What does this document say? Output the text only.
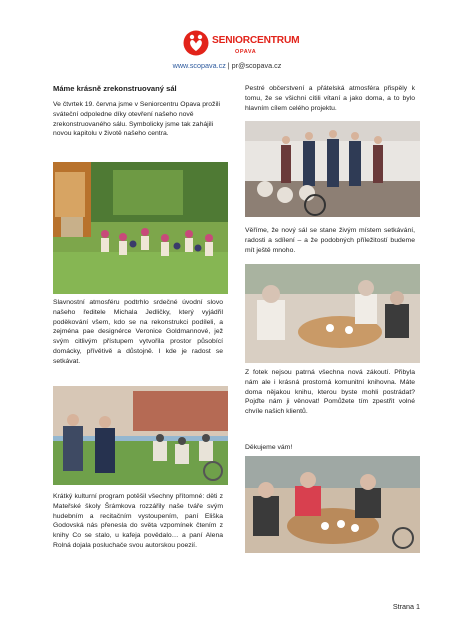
SENIORCENTRUM
OPAVA
www.scopava.cz | pr@scopava.cz

Máme krásně zrekonstruovaný sál

Ve čtvrtek 19. června jsme v Seniorcentru Opava prožili sváteční odpoledne díky otevření našeho nově zrekonstruovaného sálu. Symbolicky jsme tak zahájili novou kapitolu v životě našeho centra.

Slavnostní atmosféru podtrhlo srdečné úvodní slovo našeho ředitele Michala Jedličky, který vyjádřil poděkování všem, kdo se na rekonstrukci podíleli, a zejména pae designérce Veronice Goldmannové, jež svým citlivým přístupem vytvořila prostor působící domácky, přívětivě a důstojně. I kde je radost se setkávat.
Krátký kulturní program potěšil všechny přítomné: děti z Mateřské školy Šrámkova rozzářily naše tváře svým hudebním a recitačním vystoupením, paní Eliška Godovská nás přenesla do světa vzpomínek čtením z knihy Co se stalo, u kafeja povědalo… a paní Alena Rolná dojala posluchače svou autorskou poezií.
Pestré občerstvení a přátelská atmosféra přispěly k tomu, že se všichni cítili vítaní a jako doma, a to bylo hlavním cílem celého projektu.
Věříme, že nový sál se stane živým místem setkávání, radosti a sdílení – a že podobných příležitostí budeme mít ještě mnoho.
Z fotek nejsou patrná všechna nová zákoutí. Přibyla nám ale i krásná prostorná komunitní knihovna. Máte doma nějakou knihu, kterou byste mohli postrádat? Pojďte nám ji věnovat! Pomůžete tím zpestřit volné chvíle našich klientů.
Děkujeme vám!
Strana 1
